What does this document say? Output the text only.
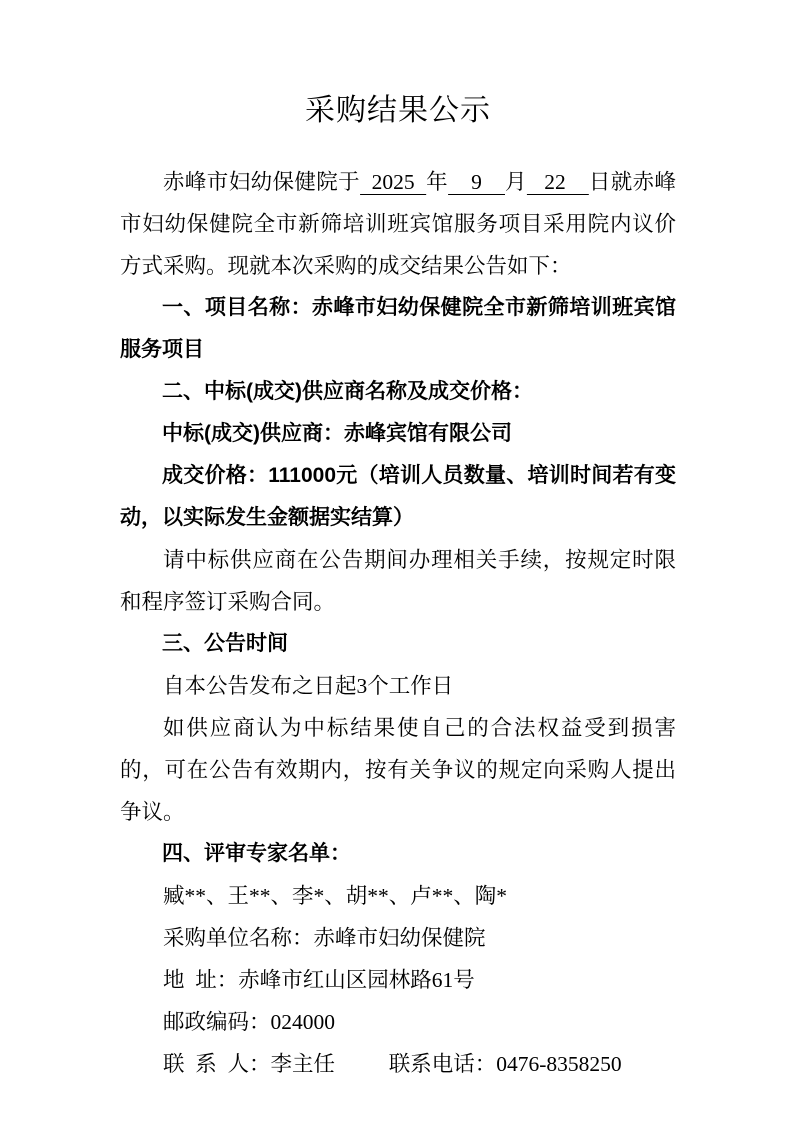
采购结果公示

赤峰市妇幼保健院于  2025  年    9    月   22    日就赤峰市妇幼保健院全市新筛培训班宾馆服务项目采用院内议价方式采购。现就本次采购的成交结果公告如下：

一、项目名称：赤峰市妇幼保健院全市新筛培训班宾馆服务项目

二、中标(成交)供应商名称及成交价格：

中标(成交)供应商：赤峰宾馆有限公司

成交价格：111000元（培训人员数量、培训时间若有变动，以实际发生金额据实结算）

请中标供应商在公告期间办理相关手续，按规定时限和程序签订采购合同。

三、公告时间

自本公告发布之日起3个工作日

如供应商认为中标结果使自己的合法权益受到损害的，可在公告有效期内，按有关争议的规定向采购人提出争议。

四、评审专家名单：

臧**、王**、李*、胡**、卢**、陶*

采购单位名称：赤峰市妇幼保健院

地  址：赤峰市红山区园林路61号

邮政编码：024000

联  系  人：李主任　　  联系电话：0476-8358250
